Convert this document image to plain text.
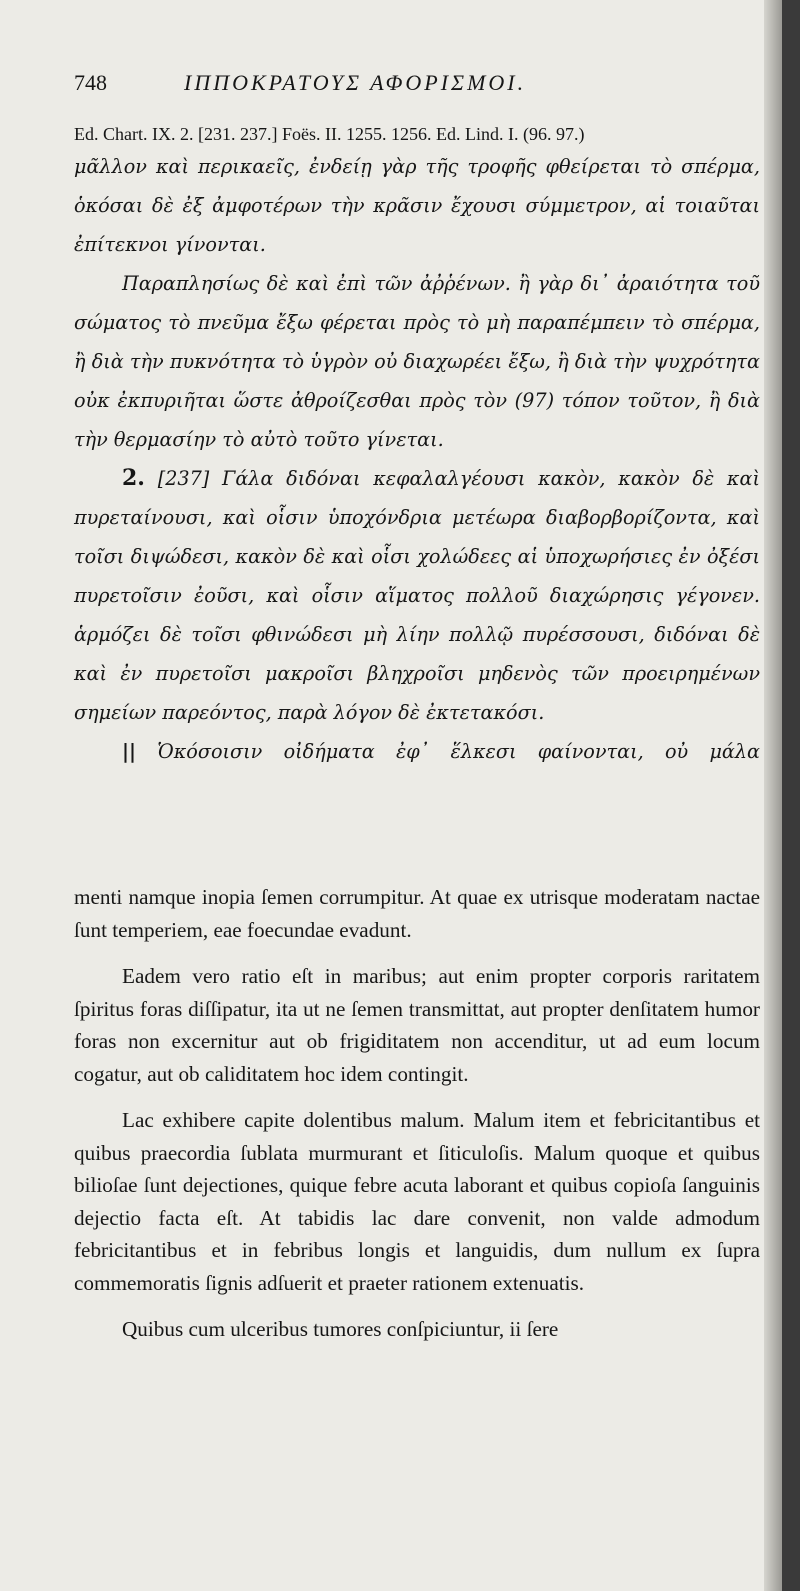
748	ΙΠΠΟΚΡΑΤΟΥΣ ΑΦΟΡΙΣΜΟΙ.
Ed. Chart. IX. 2. [231. 237.] Foës. II. 1255. 1256. Ed. Lind. I. (96. 97.)

μᾶλλον καὶ περικαεῖς, ἐνδείῃ γὰρ τῆς τροφῆς φθείρεται τὸ σπέρμα, ὁκόσαι δὲ ἐξ ἀμφοτέρων τὴν κρᾶσιν ἔχουσι σύμμετρον, αἱ τοιαῦται ἐπίτεκνοι γίνονται.

Παραπλησίως δὲ καὶ ἐπὶ τῶν ἀῤῥένων. ἢ γὰρ δι᾽ ἀραιότητα τοῦ σώματος τὸ πνεῦμα ἔξω φέρεται πρὸς τὸ μὴ παραπέμπειν τὸ σπέρμα, ἢ διὰ τὴν πυκνότητα τὸ ὑγρὸν οὐ διαχωρέει ἔξω, ἢ διὰ τὴν ψυχρότητα οὐκ ἐκπυριῆται ὥστε ἀθροίζεσθαι πρὸς τὸν (97) τόπον τοῦτον, ἢ διὰ τὴν θερμασίην τὸ αὐτὸ τοῦτο γίνεται.

2. [237] Γάλα διδόναι κεφαλαλγέουσι κακὸν, κακὸν δὲ καὶ πυρεταίνουσι, καὶ οἷσιν ὑποχόνδρια μετέωρα διαβορβορίζοντα, καὶ τοῖσι διψώδεσι, κακὸν δὲ καὶ οἷσι χολώδεες αἱ ὑποχωρήσιες ἐν ὀξέσι πυρετοῖσιν ἐοῦσι, καὶ οἷσιν αἵματος πολλοῦ διαχώρησις γέγονεν. ἁρμόζει δὲ τοῖσι φθινώδεσι μὴ λίην πολλῷ πυρέσσουσι, διδόναι δὲ καὶ ἐν πυρετοῖσι μακροῖσι βληχροῖσι μηδενὸς τῶν προειρημένων σημείων παρεόντος, παρὰ λόγον δὲ ἐκτετακόσι.

|| Ὁκόσοισιν οἰδήματα ἐφ᾽ ἕλκεσι φαίνονται, οὐ μάλα

menti namque inopia ſemen corrumpitur. At quae ex utrisque moderatam nactae ſunt temperiem, eae foecundae evadunt.

Eadem vero ratio eſt in maribus; aut enim propter corporis raritatem ſpiritus foras diſſipatur, ita ut ne ſemen transmittat, aut propter denſitatem humor foras non excernitur aut ob frigiditatem non accenditur, ut ad eum locum cogatur, aut ob caliditatem hoc idem contingit.

Lac exhibere capite dolentibus malum. Malum item et febricitantibus et quibus praecordia ſublata murmurant et ſiticuloſis. Malum quoque et quibus bilioſae ſunt dejectiones, quique febre acuta laborant et quibus copioſa ſanguinis dejectio facta eſt. At tabidis lac dare convenit, non valde admodum febricitantibus et in febribus longis et languidis, dum nullum ex ſupra commemoratis ſignis adſuerit et praeter rationem extenuatis.

Quibus cum ulceribus tumores conſpiciuntur, ii ſere
